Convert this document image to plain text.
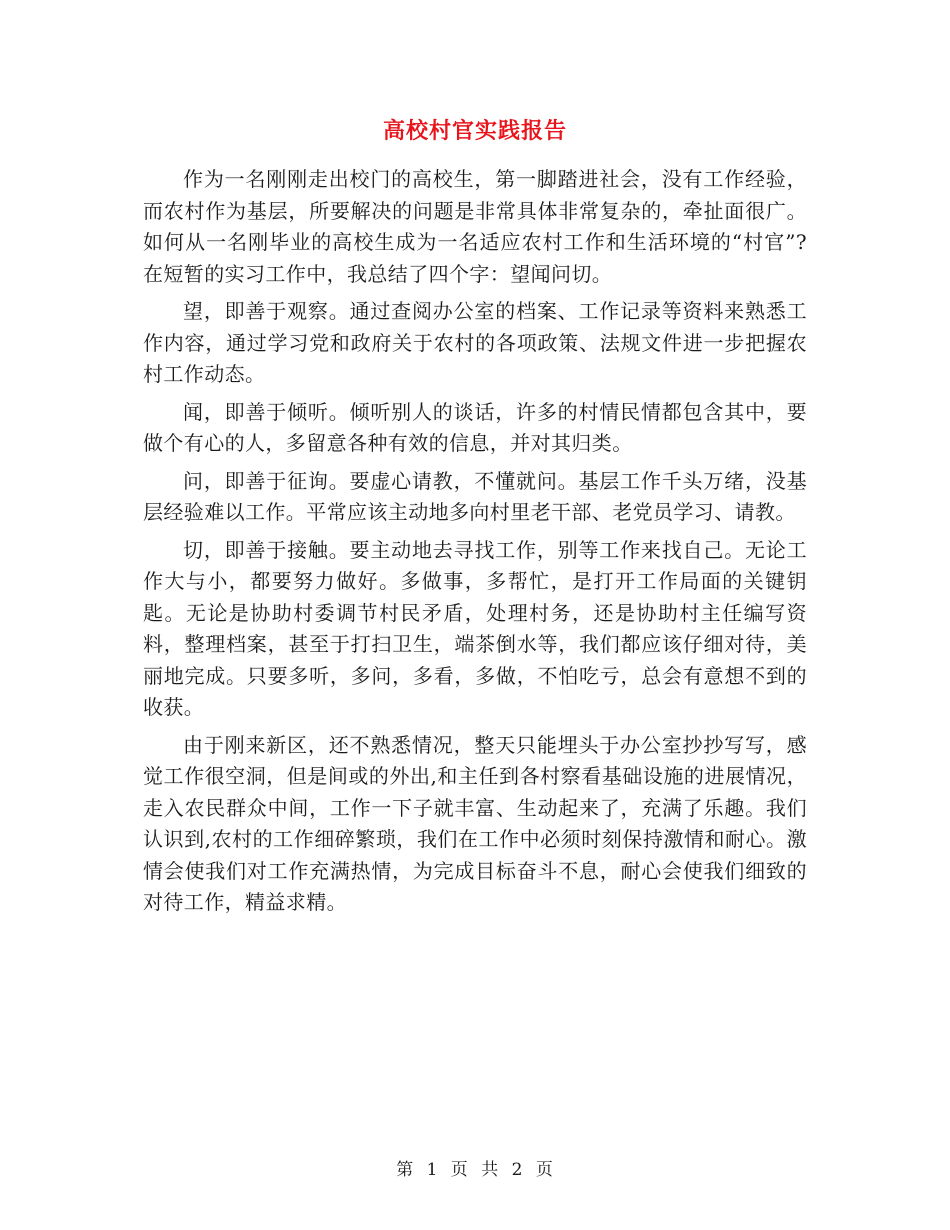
高校村官实践报告

作为一名刚刚走出校门的高校生，第一脚踏进社会，没有工作经验，而农村作为基层，所要解决的问题是非常具体非常复杂的，牵扯面很广。如何从一名刚毕业的高校生成为一名适应农村工作和生活环境的“村官”?在短暂的实习工作中，我总结了四个字：望闻问切。

望，即善于观察。通过查阅办公室的档案、工作记录等资料来熟悉工作内容，通过学习党和政府关于农村的各项政策、法规文件进一步把握农村工作动态。

闻，即善于倾听。倾听别人的谈话，许多的村情民情都包含其中，要做个有心的人，多留意各种有效的信息，并对其归类。

问，即善于征询。要虚心请教，不懂就问。基层工作千头万绪，没基层经验难以工作。平常应该主动地多向村里老干部、老党员学习、请教。

切，即善于接触。要主动地去寻找工作，别等工作来找自己。无论工作大与小，都要努力做好。多做事，多帮忙，是打开工作局面的关键钥匙。无论是协助村委调节村民矛盾，处理村务，还是协助村主任编写资料，整理档案，甚至于打扫卫生，端茶倒水等，我们都应该仔细对待，美丽地完成。只要多听，多问，多看，多做，不怕吃亏，总会有意想不到的收获。

由于刚来新区，还不熟悉情况，整天只能埋头于办公室抄抄写写，感觉工作很空洞，但是间或的外出,和主任到各村察看基础设施的进展情况，走入农民群众中间，工作一下子就丰富、生动起来了，充满了乐趣。我们认识到,农村的工作细碎繁琐，我们在工作中必须时刻保持激情和耐心。激情会使我们对工作充满热情，为完成目标奋斗不息，耐心会使我们细致的对待工作，精益求精。

第 1 页 共 2 页
